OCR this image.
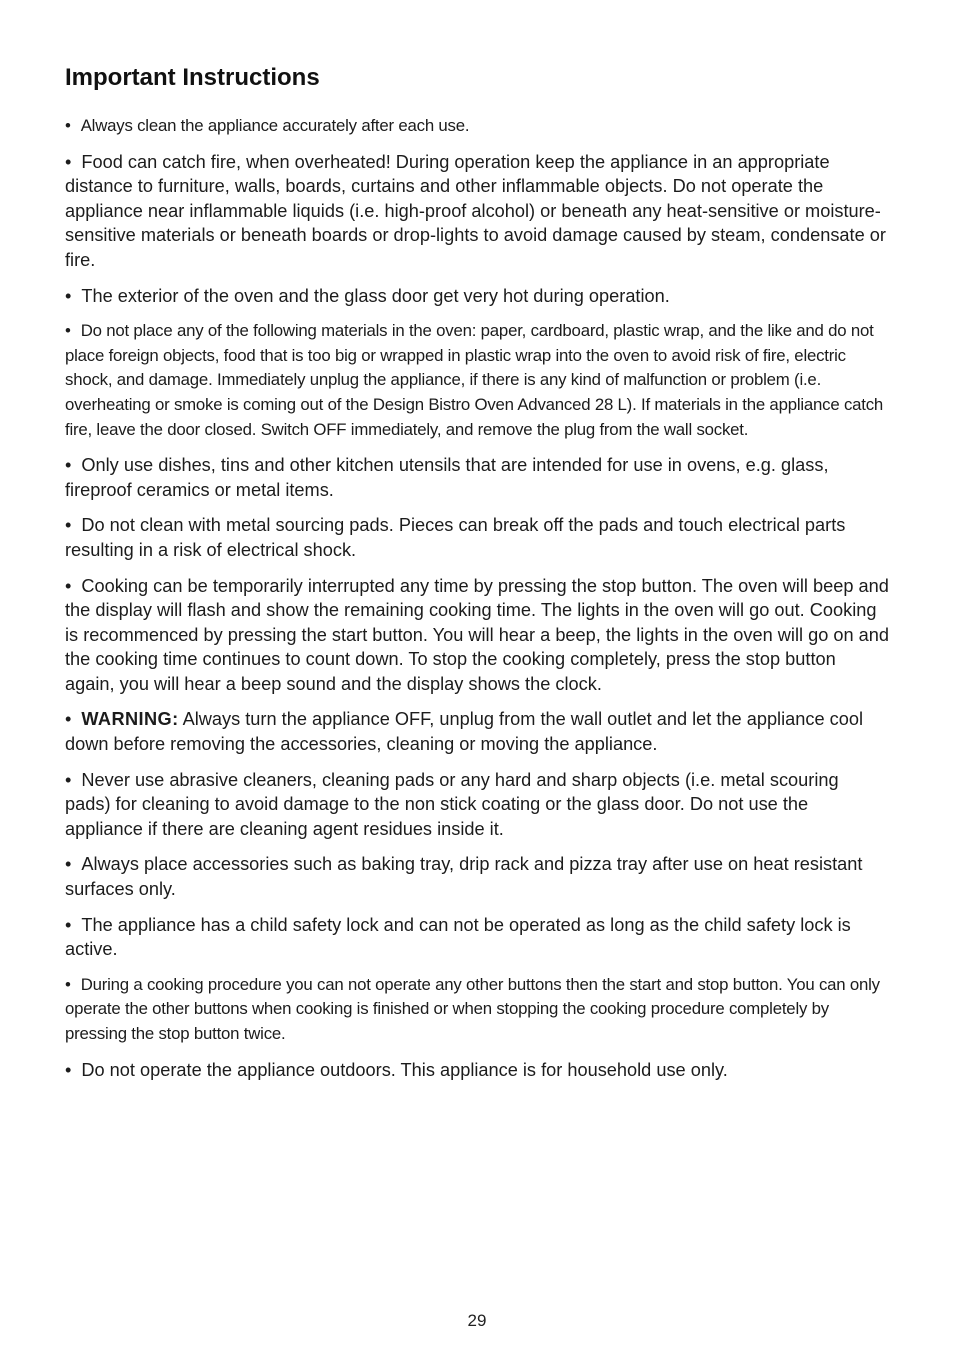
Important Instructions
• Always clean the appliance accurately after each use.
• Food can catch fire, when overheated! During operation keep the appliance in an appropriate distance to furniture, walls, boards, curtains and other inflammable objects. Do not operate the appliance near inflammable liquids (i.e. high-proof alcohol) or beneath any heat-sensitive or moisture-sensitive materials or beneath boards or drop-lights to avoid damage caused by steam, condensate or fire.
• The exterior of the oven and the glass door get very hot during operation.
• Do not place any of the following materials in the oven: paper, cardboard, plastic wrap, and the like and do not place foreign objects, food that is too big or wrapped in plastic wrap into the oven to avoid risk of fire, electric shock, and damage. Immediately unplug the appliance, if there is any kind of malfunction or problem (i.e. overheating or smoke is coming out of the Design Bistro Oven Advanced 28 L). If materials in the appliance catch fire, leave the door closed. Switch OFF immediately, and remove the plug from the wall socket.
• Only use dishes, tins and other kitchen utensils that are intended for use in ovens, e.g. glass, fireproof ceramics or metal items.
• Do not clean with metal sourcing pads. Pieces can break off the pads and touch electrical parts resulting in a risk of electrical shock.
• Cooking can be temporarily interrupted any time by pressing the stop button. The oven will beep and the display will flash and show the remaining cooking time. The lights in the oven will go out. Cooking is recommenced by pressing the start button. You will hear a beep, the lights in the oven will go on and the cooking time continues to count down. To stop the cooking completely, press the stop button again, you will hear a beep sound and the display shows the clock.
• WARNING: Always turn the appliance OFF, unplug from the wall outlet and let the appliance cool down before removing the accessories, cleaning or moving the appliance.
• Never use abrasive cleaners, cleaning pads or any hard and sharp objects (i.e. metal scouring pads) for cleaning to avoid damage to the non stick coating or the glass door. Do not use the appliance if there are cleaning agent residues inside it.
• Always place accessories such as baking tray, drip rack and pizza tray after use on heat resistant surfaces only.
• The appliance has a child safety lock and can not be operated as long as the child safety lock is active.
• During a cooking procedure you can not operate any other buttons then the start and stop button. You can only operate the other buttons when cooking is finished or when stopping the cooking procedure completely by pressing the stop button twice.
• Do not operate the appliance outdoors. This appliance is for household use only.
29
